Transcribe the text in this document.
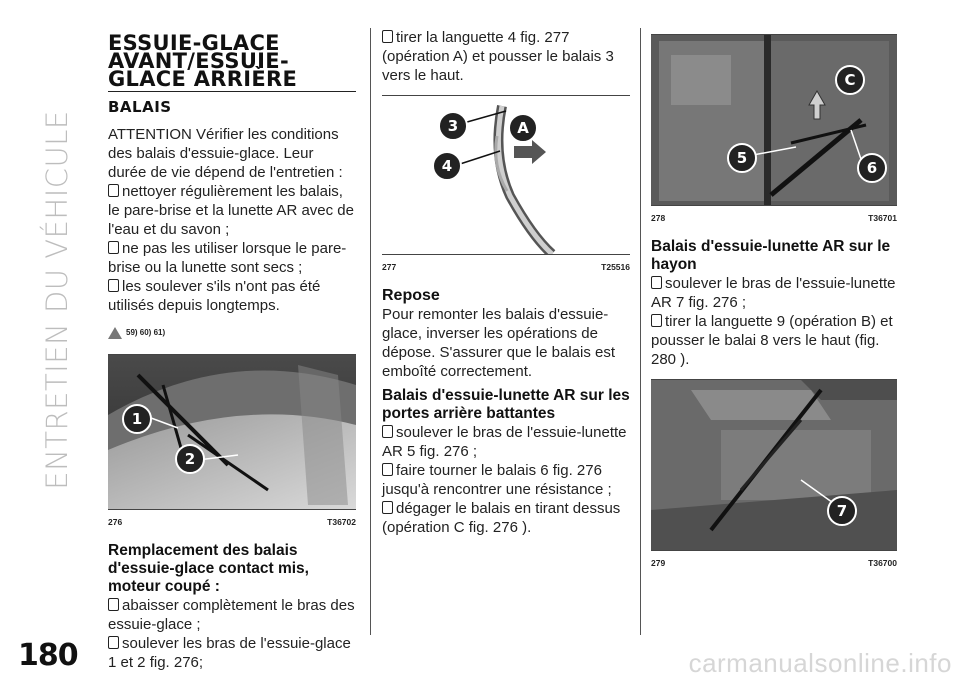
ENTRETIEN DU VÉHICULE
180	carmanualsonline.info
ESSUIE-GLACE
AVANT/ESSUIE-
GLACE ARRIÈRE
BALAIS

ATTENTION Vérifier les conditions des balais d'essuie-glace. Leur durée de vie dépend de l'entretien :

nettoyer régulièrement les balais, le pare-brise et la lunette AR avec de l'eau et du savon ;

ne pas les utiliser lorsque le pare-brise ou la lunette sont secs ;

les soulever s'ils n'ont pas été utilisés depuis longtemps.

59) 60) 61)
1
2
276	T36702
Remplacement des balais d'essuie-glace contact mis, moteur coupé :

abaisser complètement le bras des essuie-glace ;

soulever les bras de l'essuie-glace 1 et 2 fig. 276;

tirer la languette 4 fig. 277 (opération A) et pousser le balais 3 vers le haut.

3
4
A
277	T25516
Repose

Pour remonter les balais d'essuie-glace, inverser les opérations de dépose. S'assurer que le balais est emboîté correctement.

Balais d'essuie-lunette AR sur les portes arrière battantes

soulever le bras de l'essuie-lunette AR 5 fig. 276 ;

faire tourner le balais 6 fig. 276 jusqu'à rencontrer une résistance ;

dégager le balais en tirant dessus (opération C fig. 276 ).

C
5
6
278	T36701
Balais d'essuie-lunette AR sur le hayon

soulever le bras de l'essuie-lunette AR 7 fig. 276 ;

tirer la languette 9 (opération B) et pousser le balai 8 vers le haut (fig. 280 ).

7
279	T36700
